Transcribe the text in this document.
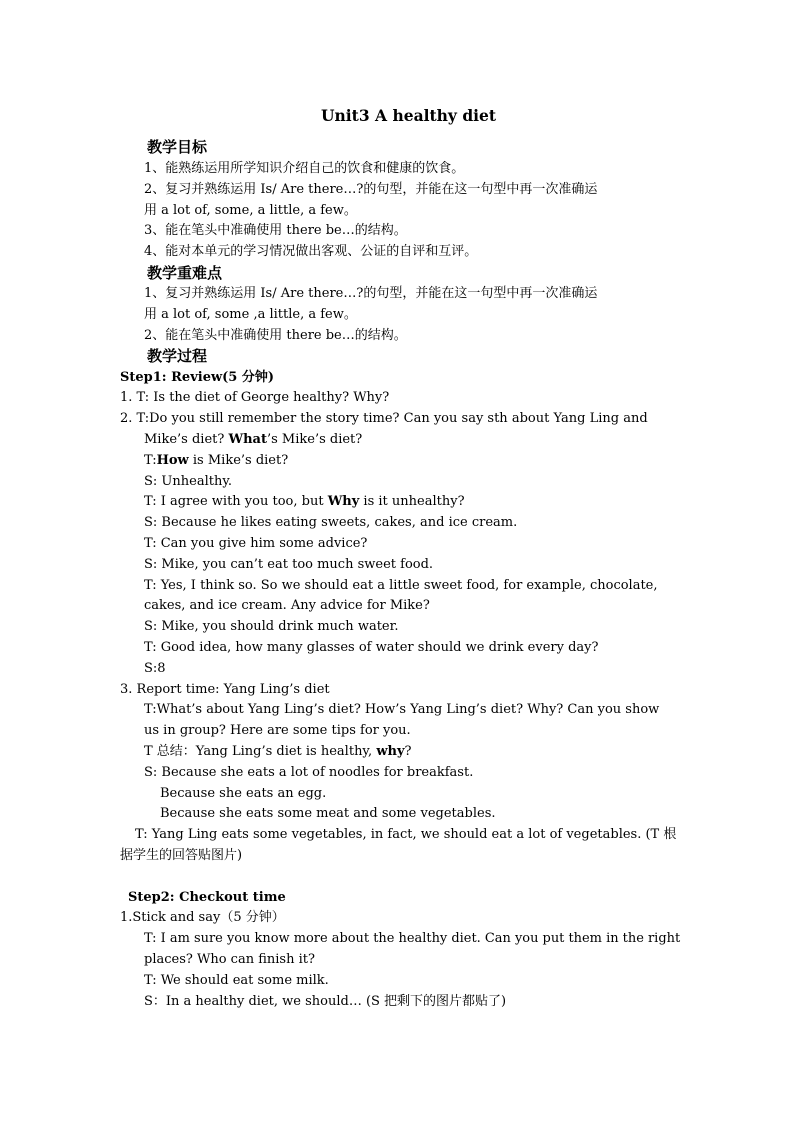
Unit3 A healthy diet
教学目标
1、能熟练运用所学知识介绍自己的饮食和健康的饮食。
2、复习并熟练运用 Is/ Are there…?的句型，并能在这一句型中再一次准确运
用 a lot of, some, a little, a few。
3、能在笔头中准确使用 there be…的结构。
4、能对本单元的学习情况做出客观、公证的自评和互评。
教学重难点
1、复习并熟练运用 Is/ Are there…?的句型，并能在这一句型中再一次准确运
用 a lot of, some ,a little, a few。
2、能在笔头中准确使用 there be…的结构。
教学过程
Step1: Review(5 分钟)
1. T: Is the diet of George healthy? Why?
2. T:Do you still remember the story time? Can you say sth about Yang Ling and
Mike’s diet? What’s Mike’s diet?
T:How is Mike’s diet?
S: Unhealthy.
T: I agree with you too, but Why is it unhealthy?
S: Because he likes eating sweets, cakes, and ice cream.
T: Can you give him some advice?
S: Mike, you can’t eat too much sweet food.
T: Yes, I think so. So we should eat a little sweet food, for example, chocolate,
cakes, and ice cream. Any advice for Mike?
S: Mike, you should drink much water.
T: Good idea, how many glasses of water should we drink every day?
S:8
3. Report time: Yang Ling’s diet
T:What’s about Yang Ling’s diet? How’s Yang Ling’s diet? Why? Can you show
us in group? Here are some tips for you.
T 总结：Yang Ling’s diet is healthy, why?
S: Because she eats a lot of noodles for breakfast.
Because she eats an egg.
Because she eats some meat and some vegetables.
T: Yang Ling eats some vegetables, in fact, we should eat a lot of vegetables. (T 根
据学生的回答贴图片)
Step2: Checkout time
1.Stick and say（5 分钟）
T: I am sure you know more about the healthy diet. Can you put them in the right
places? Who can finish it?
T: We should eat some milk.
S：In a healthy diet, we should… (S 把剩下的图片都贴了)
